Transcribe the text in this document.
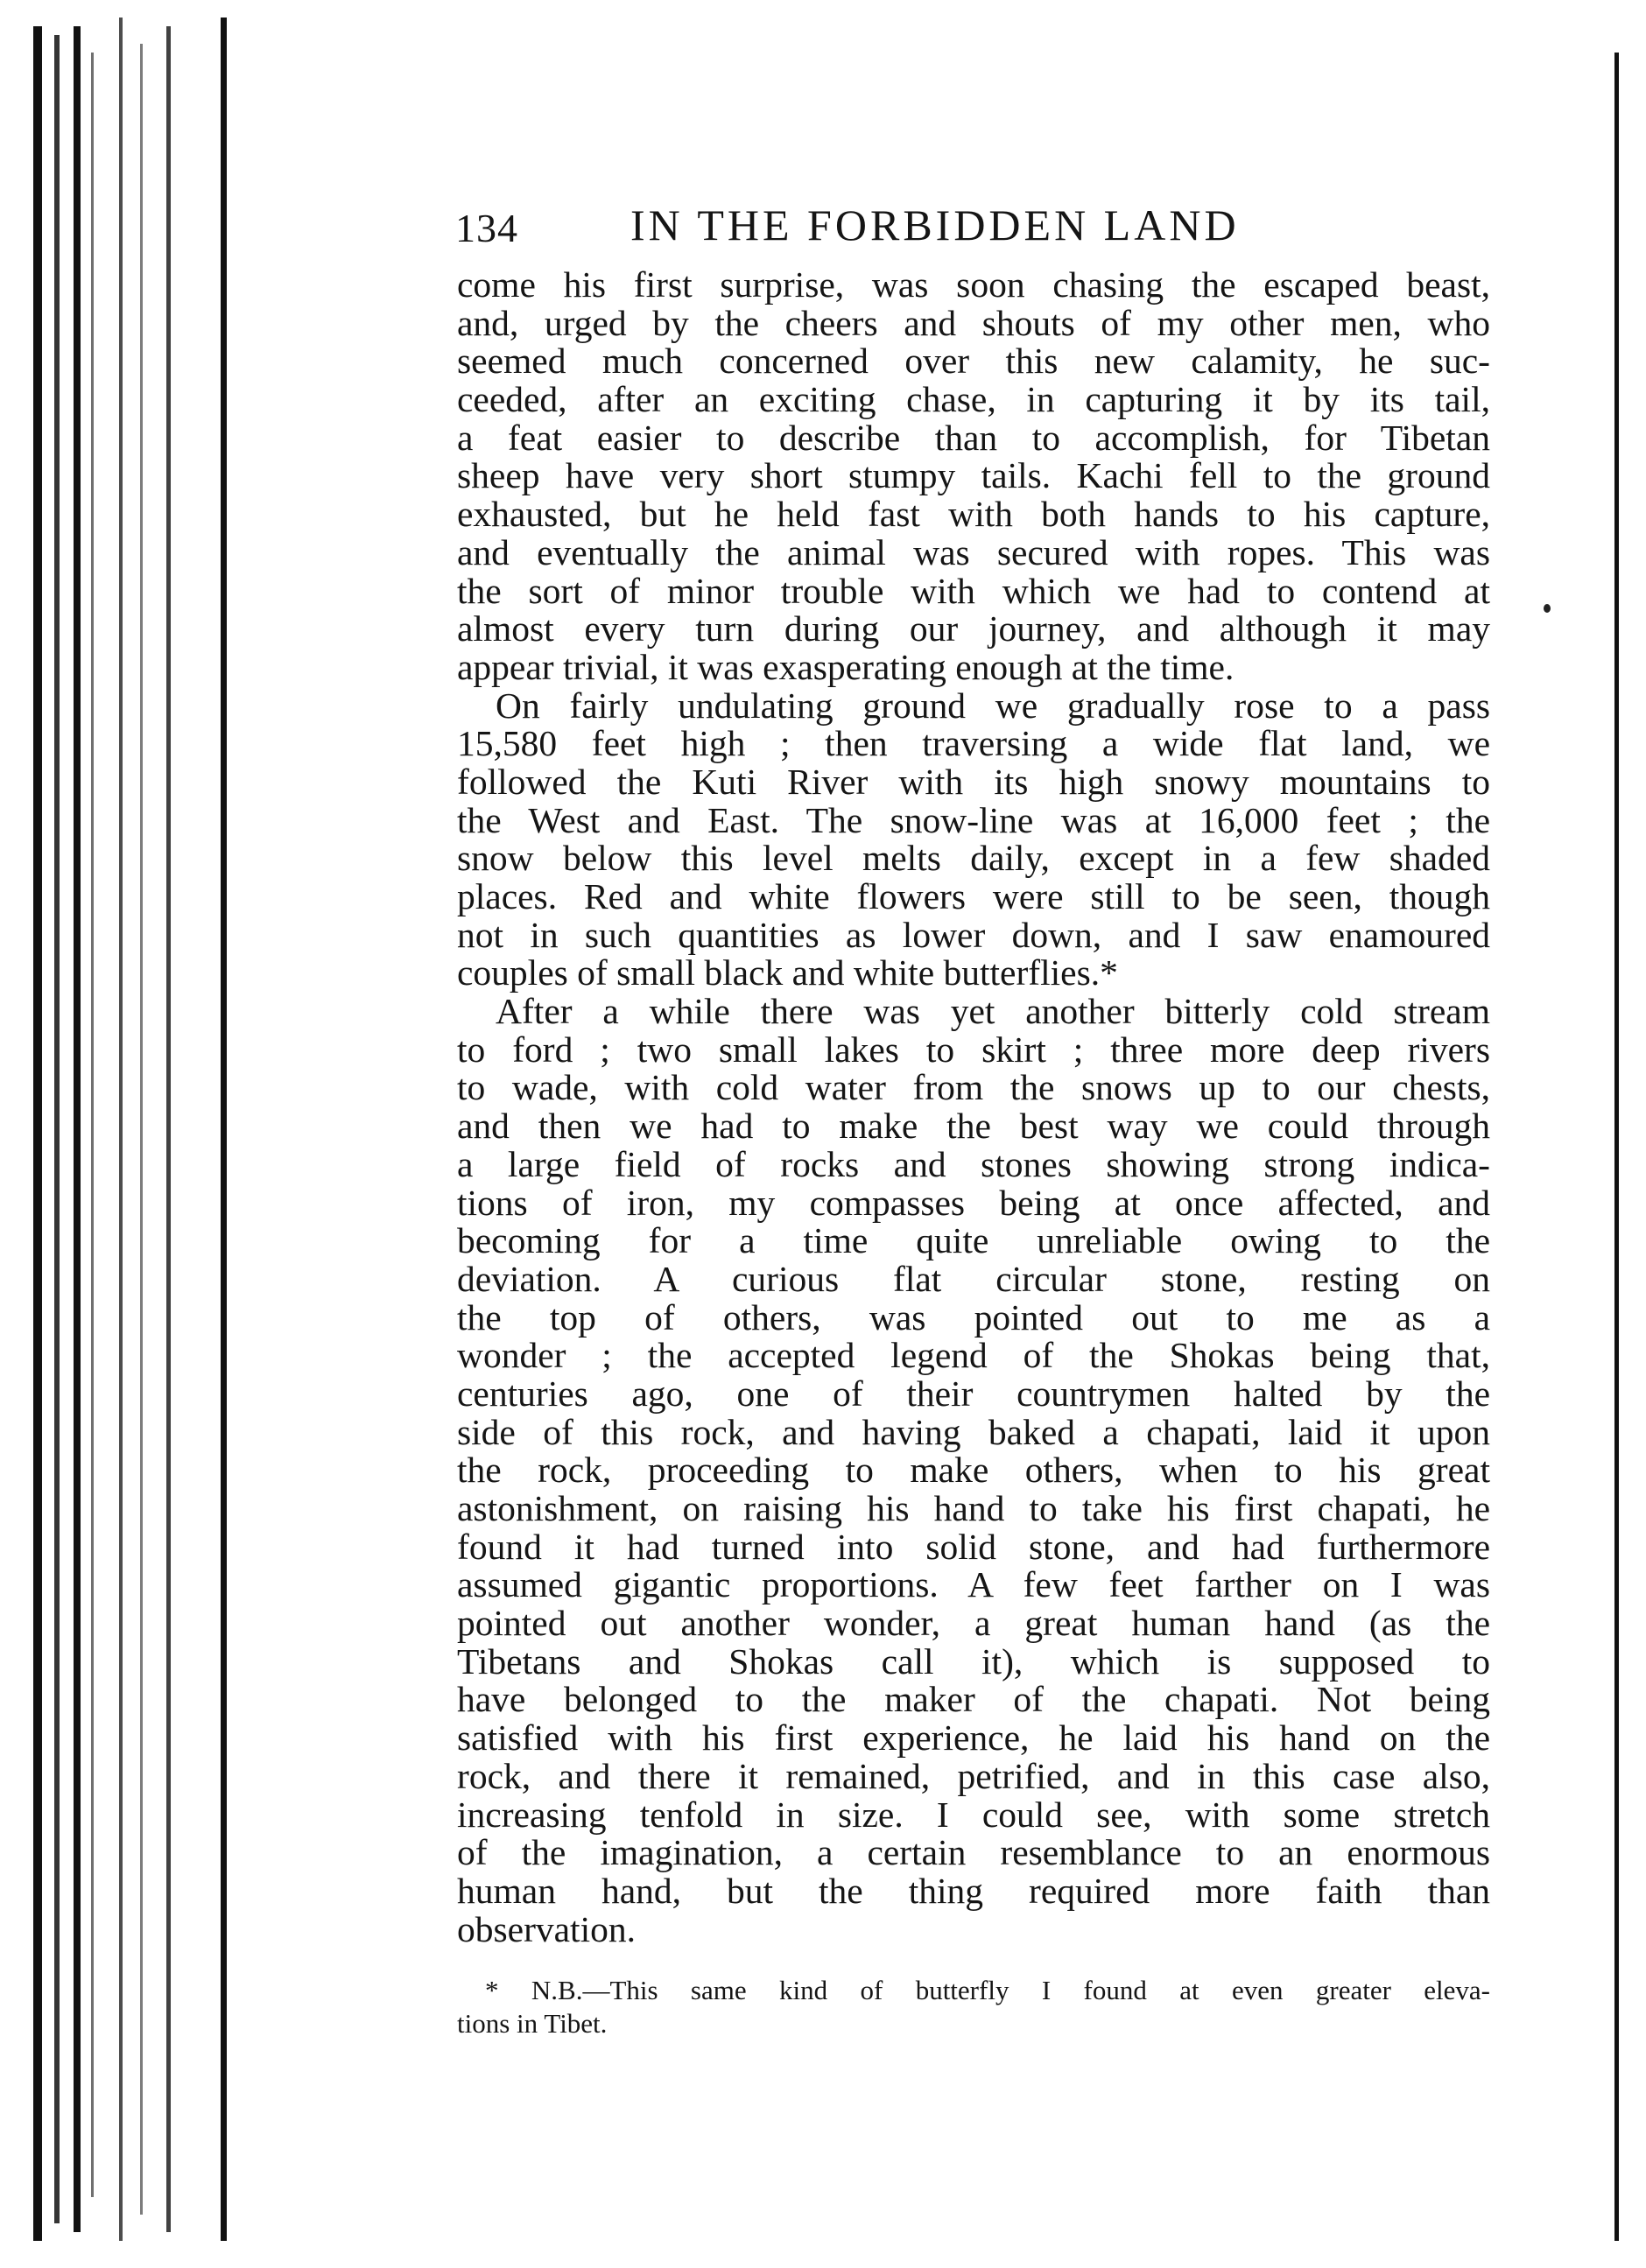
134	IN THE FORBIDDEN LAND
come his first surprise, was soon chasing the escaped beast,
and, urged by the cheers and shouts of my other men, who
seemed much concerned over this new calamity, he suc-
ceeded, after an exciting chase, in capturing it by its tail,
a feat easier to describe than to accomplish, for Tibetan
sheep have very short stumpy tails. Kachi fell to the ground
exhausted, but he held fast with both hands to his capture,
and eventually the animal was secured with ropes. This was
the sort of minor trouble with which we had to contend at
almost every turn during our journey, and although it may
appear trivial, it was exasperating enough at the time.
On fairly undulating ground we gradually rose to a pass
15,580 feet high ; then traversing a wide flat land, we
followed the Kuti River with its high snowy mountains to
the West and East. The snow-line was at 16,000 feet ; the
snow below this level melts daily, except in a few shaded
places. Red and white flowers were still to be seen, though
not in such quantities as lower down, and I saw enamoured
couples of small black and white butterflies.*
After a while there was yet another bitterly cold stream
to ford ; two small lakes to skirt ; three more deep rivers
to wade, with cold water from the snows up to our chests,
and then we had to make the best way we could through
a large field of rocks and stones showing strong indica-
tions of iron, my compasses being at once affected, and
becoming for a time quite unreliable owing to the
deviation. A curious flat circular stone, resting on
the top of others, was pointed out to me as a
wonder ; the accepted legend of the Shokas being that,
centuries ago, one of their countrymen halted by the
side of this rock, and having baked a chapati, laid it upon
the rock, proceeding to make others, when to his great
astonishment, on raising his hand to take his first chapati, he
found it had turned into solid stone, and had furthermore
assumed gigantic proportions. A few feet farther on I was
pointed out another wonder, a great human hand (as the
Tibetans and Shokas call it), which is supposed to
have belonged to the maker of the chapati. Not being
satisfied with his first experience, he laid his hand on the
rock, and there it remained, petrified, and in this case also,
increasing tenfold in size. I could see, with some stretch
of the imagination, a certain resemblance to an enormous
human hand, but the thing required more faith than
observation.
* N.B.—This same kind of butterfly I found at even greater eleva-
tions in Tibet.
